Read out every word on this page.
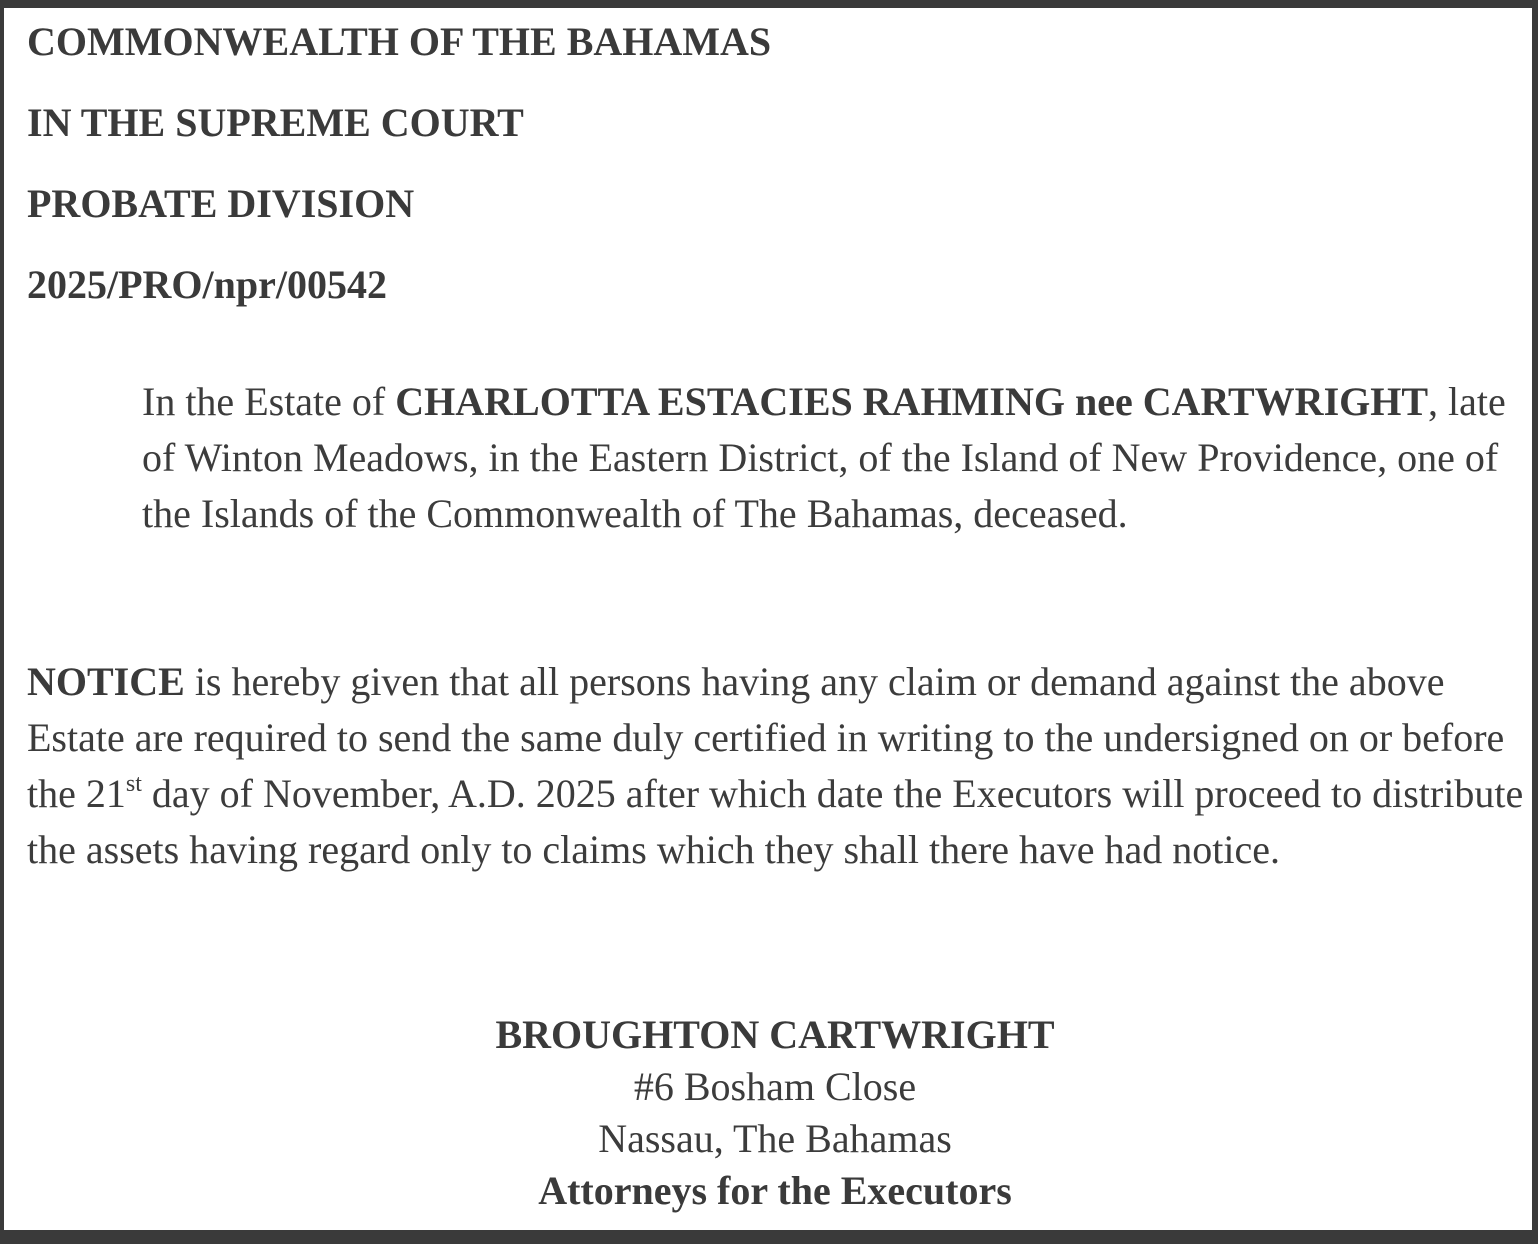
COMMONWEALTH OF THE BAHAMAS

IN THE SUPREME COURT

PROBATE DIVISION

2025/PRO/npr/00542

In the Estate of CHARLOTTA ESTACIES RAHMING nee CARTWRIGHT, late of Winton Meadows, in the Eastern District, of the Island of New Providence, one of the Islands of the Commonwealth of The Bahamas, deceased.

NOTICE is hereby given that all persons having any claim or demand against the above Estate are required to send the same duly certified in writing to the undersigned on or before the 21st day of November, A.D. 2025 after which date the Executors will proceed to distribute the assets having regard only to claims which they shall there have had notice.

BROUGHTON CARTWRIGHT

#6 Bosham Close

Nassau, The Bahamas

Attorneys for the Executors
